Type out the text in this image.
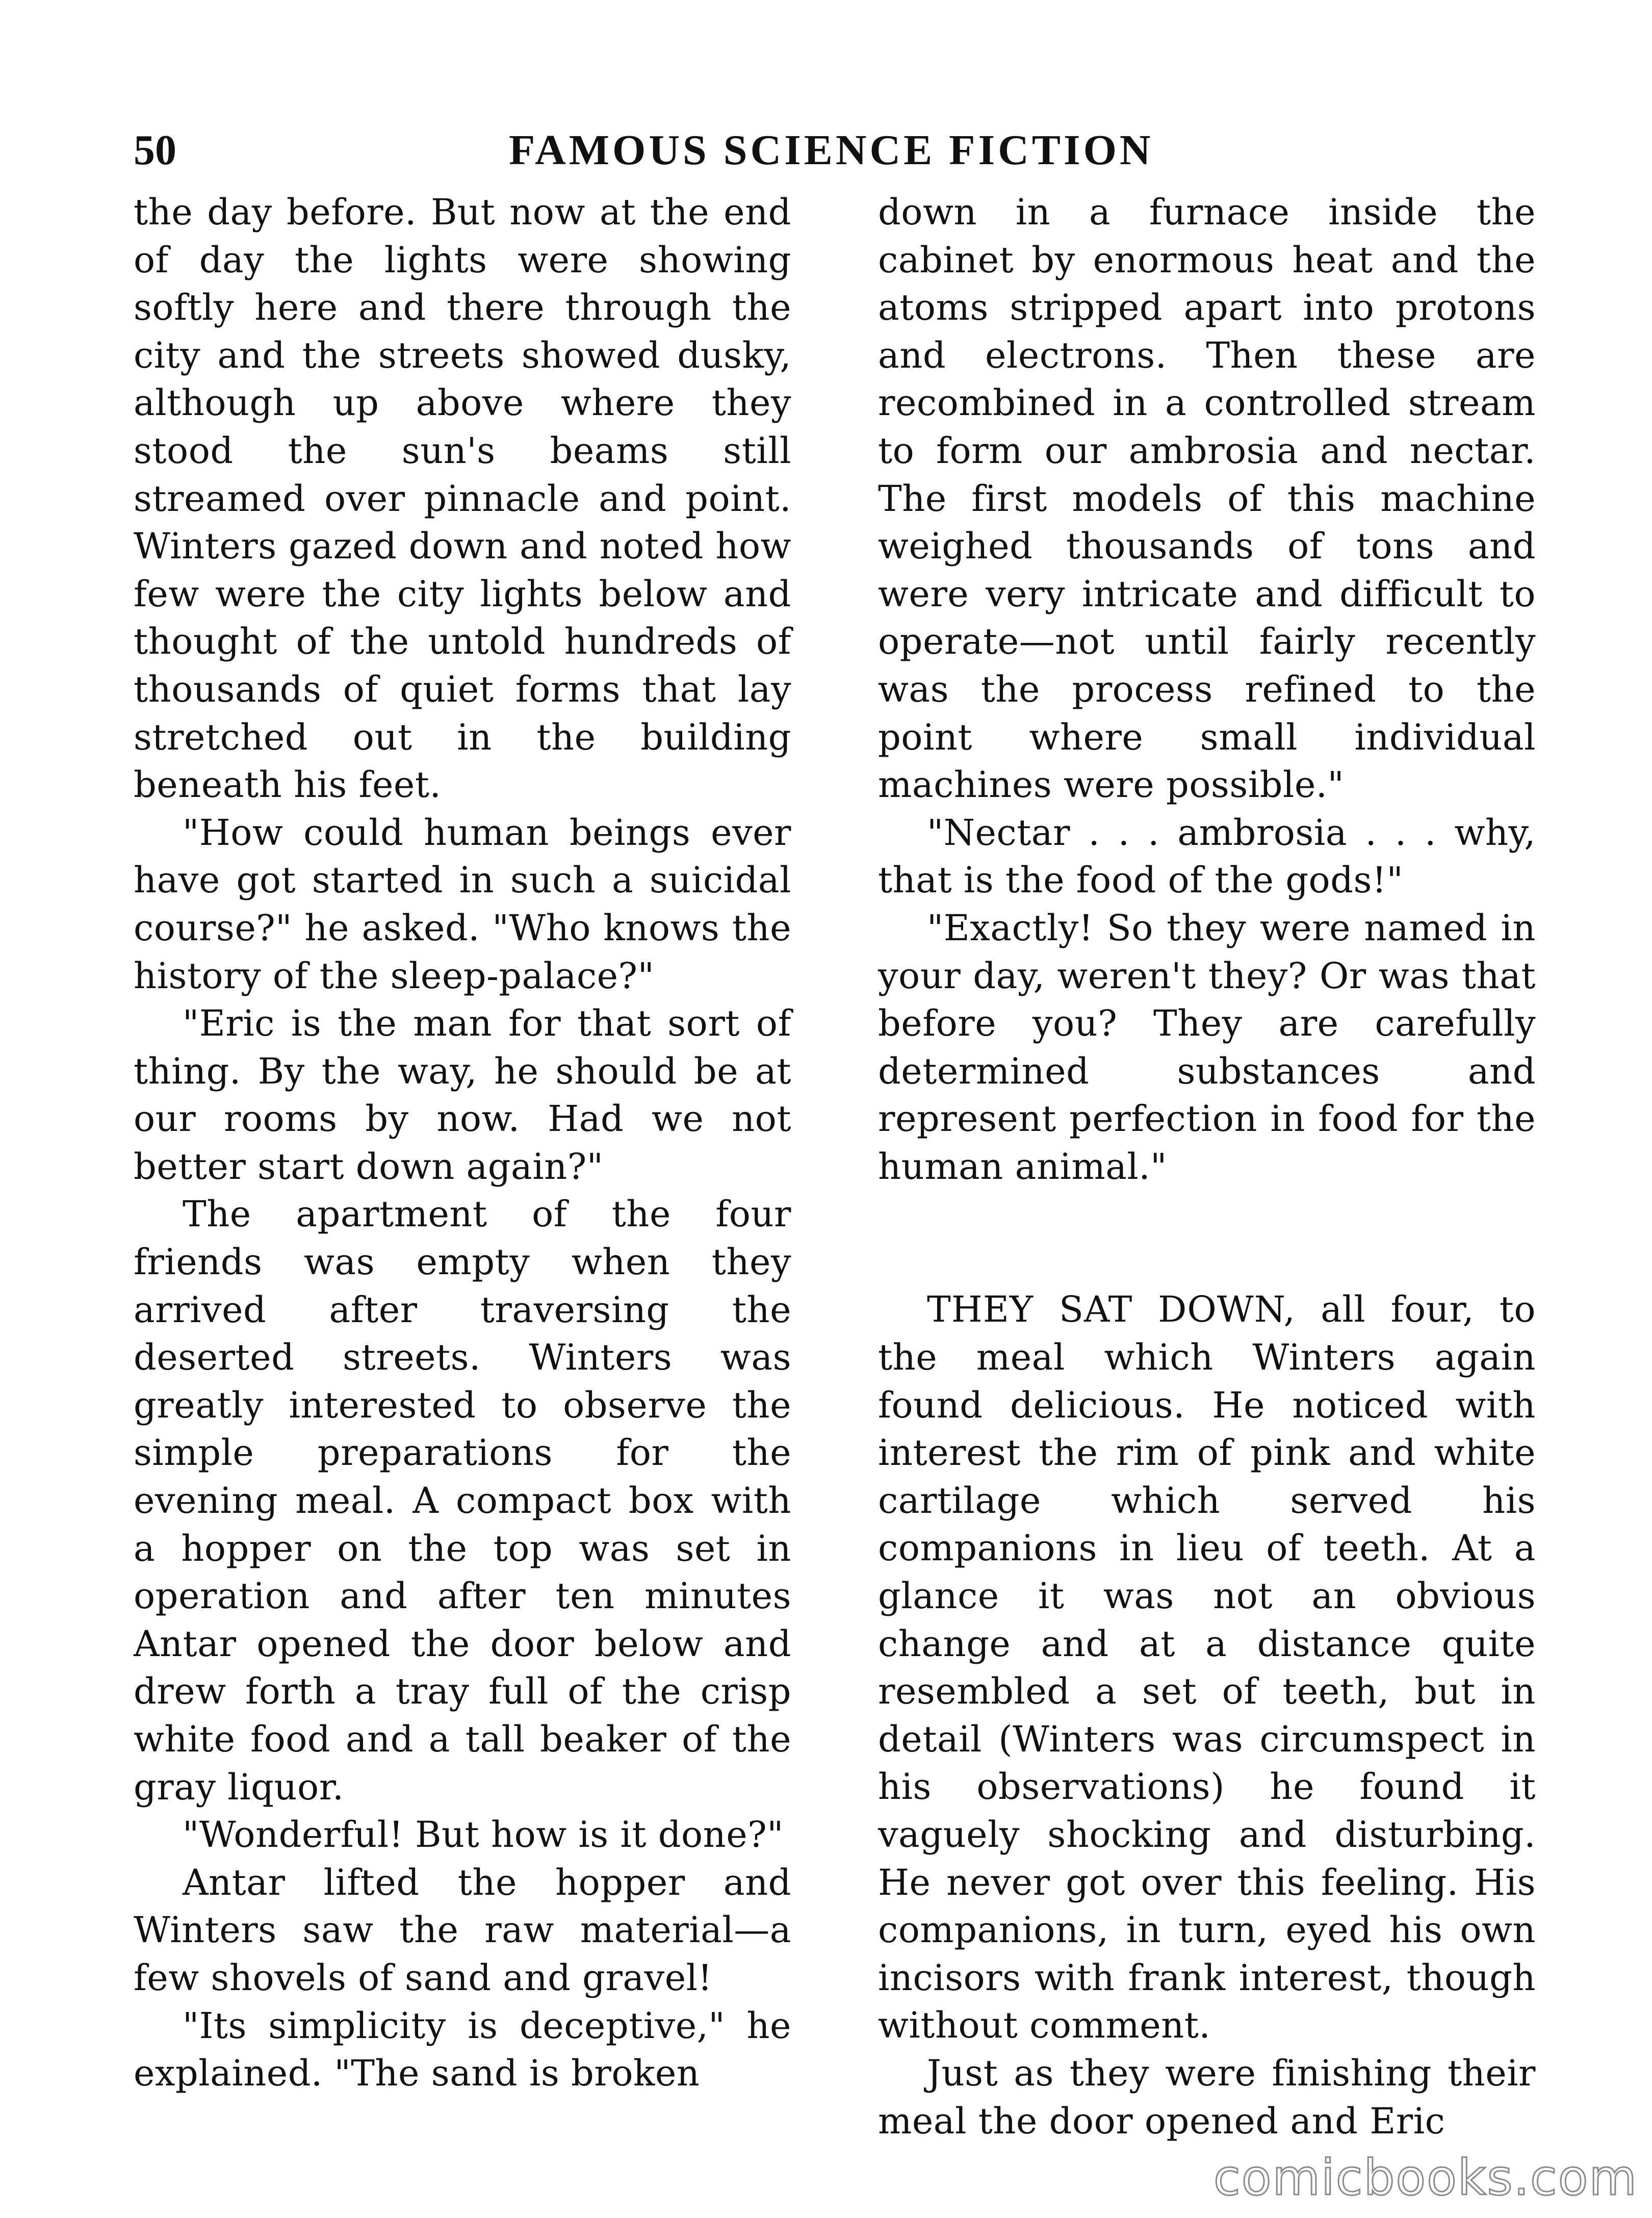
50	FAMOUS SCIENCE FICTION

the day before. But now at the end of day the lights were showing softly here and there through the city and the streets showed dusky, although up above where they stood the sun's beams still streamed over pinnacle and point. Winters gazed down and noted how few were the city lights below and thought of the untold hundreds of thousands of quiet forms that lay stretched out in the building beneath his feet.

"How could human beings ever have got started in such a suicidal course?" he asked. "Who knows the history of the sleep-palace?"

"Eric is the man for that sort of thing. By the way, he should be at our rooms by now. Had we not better start down again?"

The apartment of the four friends was empty when they arrived after traversing the deserted streets. Winters was greatly interested to observe the simple preparations for the evening meal. A compact box with a hopper on the top was set in operation and after ten minutes Antar opened the door below and drew forth a tray full of the crisp white food and a tall beaker of the gray liquor.

"Wonderful! But how is it done?"

Antar lifted the hopper and Winters saw the raw material—a few shovels of sand and gravel!

"Its simplicity is deceptive," he explained. "The sand is broken

down in a furnace inside the cabinet by enormous heat and the atoms stripped apart into protons and electrons. Then these are recombined in a controlled stream to form our ambrosia and nectar. The first models of this machine weighed thousands of tons and were very intricate and difficult to operate—not until fairly recently was the process refined to the point where small individual machines were possible."

"Nectar . . . ambrosia . . . why, that is the food of the gods!"

"Exactly! So they were named in your day, weren't they? Or was that before you? They are carefully determined substances and represent perfection in food for the human animal."

THEY SAT DOWN, all four, to the meal which Winters again found delicious. He noticed with interest the rim of pink and white cartilage which served his companions in lieu of teeth. At a glance it was not an obvious change and at a distance quite resembled a set of teeth, but in detail (Winters was circumspect in his observations) he found it vaguely shocking and disturbing. He never got over this feeling. His companions, in turn, eyed his own incisors with frank interest, though without comment.

Just as they were finishing their meal the door opened and Eric

comicbooks.com
